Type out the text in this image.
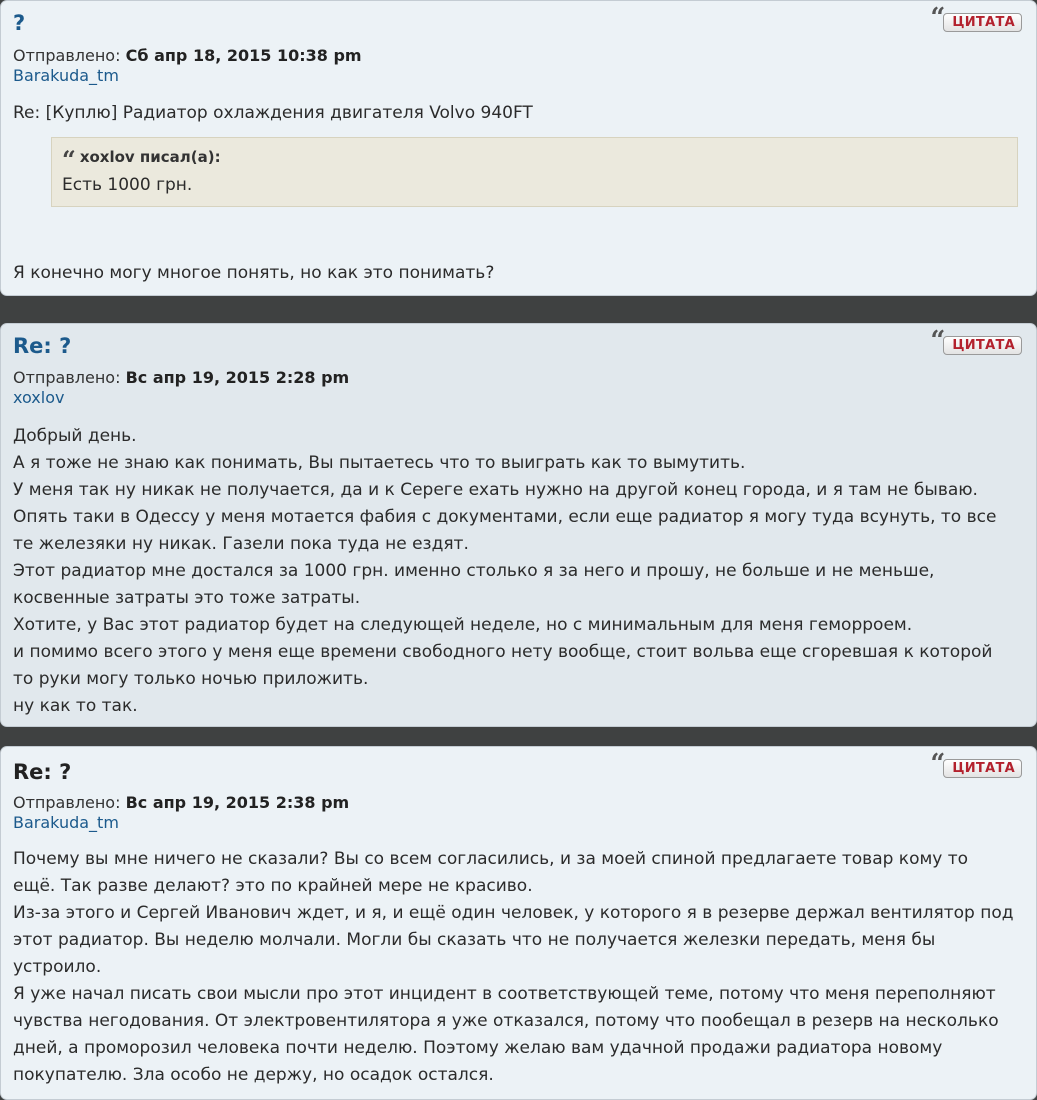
?	“ ЦИТАТА
Отправлено: Сб апр 18, 2015 10:38 pm
Barakuda_tm
Re: [Куплю] Радиатор охлаждения двигателя Volvo 940FT
“ xoxlov писал(а):
Есть 1000 грн.
Я конечно могу многое понять, но как это понимать?
Re: ?	“ ЦИТАТА
Отправлено: Вс апр 19, 2015 2:28 pm
xoxlov
Добрый день.
А я тоже не знаю как понимать, Вы пытаетесь что то выиграть как то вымутить.
У меня так ну никак не получается, да и к Сереге ехать нужно на другой конец города, и я там не бываю.
Опять таки в Одессу у меня мотается фабия с документами, если еще радиатор я могу туда всунуть, то все
те железяки ну никак. Газели пока туда не ездят.
Этот радиатор мне достался за 1000 грн. именно столько я за него и прошу, не больше и не меньше,
косвенные затраты это тоже затраты.
Хотите, у Вас этот радиатор будет на следующей неделе, но с минимальным для меня геморроем.
и помимо всего этого у меня еще времени свободного нету вообще, стоит вольва еще сгоревшая к которой
то руки могу только ночью приложить.
ну как то так.
Re: ?	“ ЦИТАТА
Отправлено: Вс апр 19, 2015 2:38 pm
Barakuda_tm
Почему вы мне ничего не сказали? Вы со всем согласились, и за моей спиной предлагаете товар кому то
ещё. Так разве делают? это по крайней мере не красиво.
Из-за этого и Сергей Иванович ждет, и я, и ещё один человек, у которого я в резерве держал вентилятор под
этот радиатор. Вы неделю молчали. Могли бы сказать что не получается железки передать, меня бы
устроило.
Я уже начал писать свои мысли про этот инцидент в соответствующей теме, потому что меня переполняют
чувства негодования. От электровентилятора я уже отказался, потому что пообещал в резерв на несколько
дней, а проморозил человека почти неделю. Поэтому желаю вам удачной продажи радиатора новому
покупателю. Зла особо не держу, но осадок остался.
